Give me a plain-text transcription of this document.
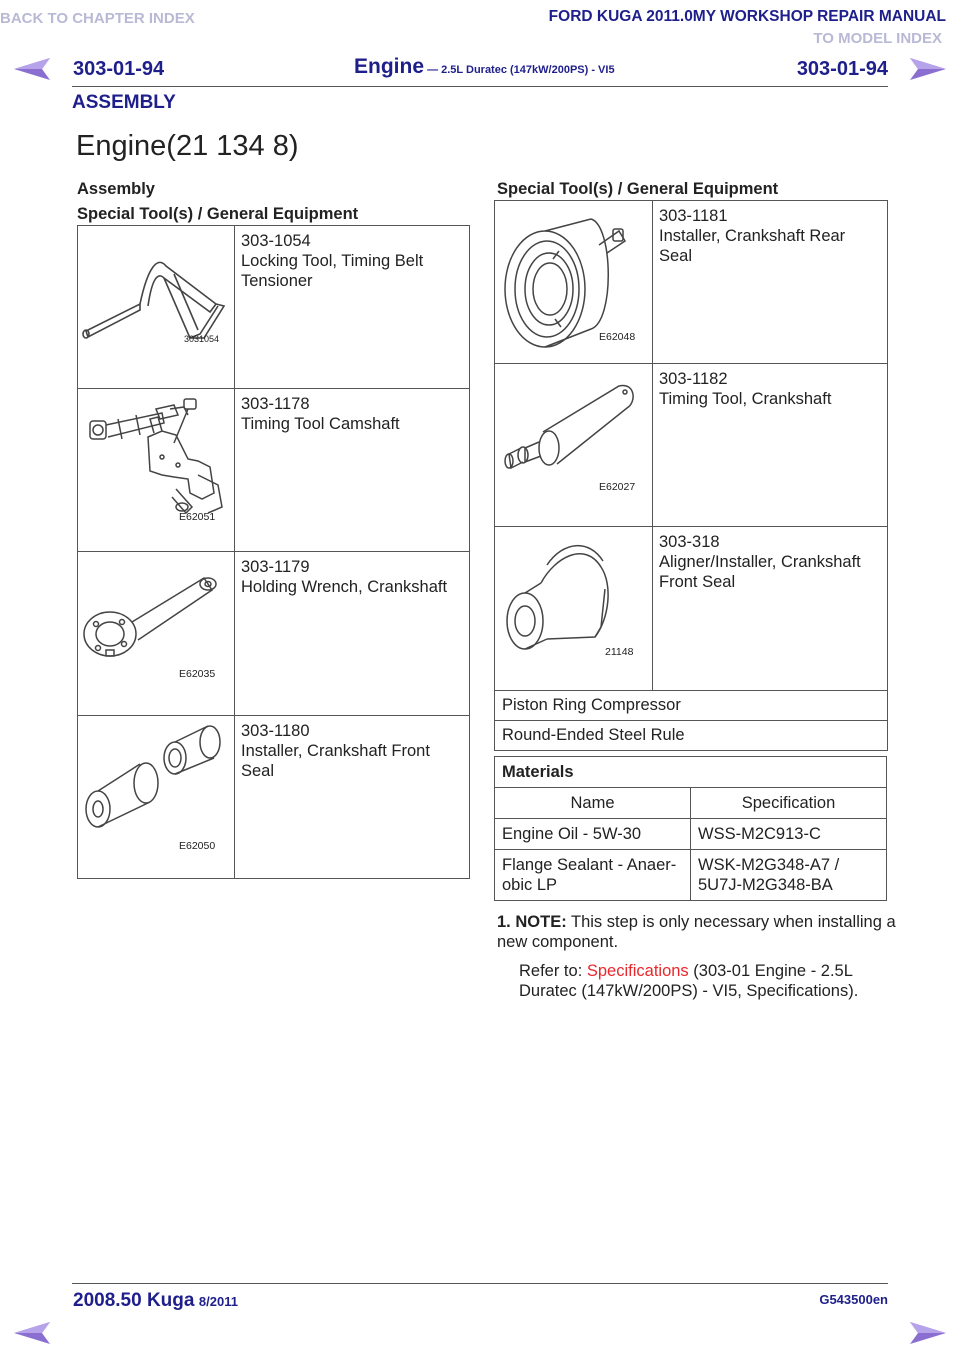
BACK TO CHAPTER INDEX	FORD KUGA 2011.0MY WORKSHOP REPAIR MANUAL
TO MODEL INDEX
303-01-94	Engine — 2.5L Duratec (147kW/200PS) - VI5	303-01-94
ASSEMBLY
Engine(21 134 8)
Assembly
Special Tool(s) / General Equipment
3031054	303-1054
Locking Tool, Timing Belt Tensioner

E62051	303-1178
Timing Tool Camshaft

E62035	303-1179
Holding Wrench, Crankshaft

E62050	303-1180
Installer, Crankshaft Front Seal
Special Tool(s) / General Equipment
E62048	303-1181
Installer, Crankshaft Rear Seal

E62027	303-1182
Timing Tool, Crankshaft

21148	303-318
Aligner/Installer, Crankshaft Front Seal
Piston Ring Compressor
Round-Ended Steel Rule
Materials	
Name	Specification
Engine Oil - 5W-30	WSS-M2C913-C
Flange Sealant - Anaer-obic LP	WSK-M2G348-A7 / 5U7J-M2G348-BA
1. NOTE: This step is only necessary when installing a new component.
Refer to: Specifications (303-01 Engine - 2.5L Duratec (147kW/200PS) - VI5, Specifications).
2008.50 Kuga 8/2011	G543500en
